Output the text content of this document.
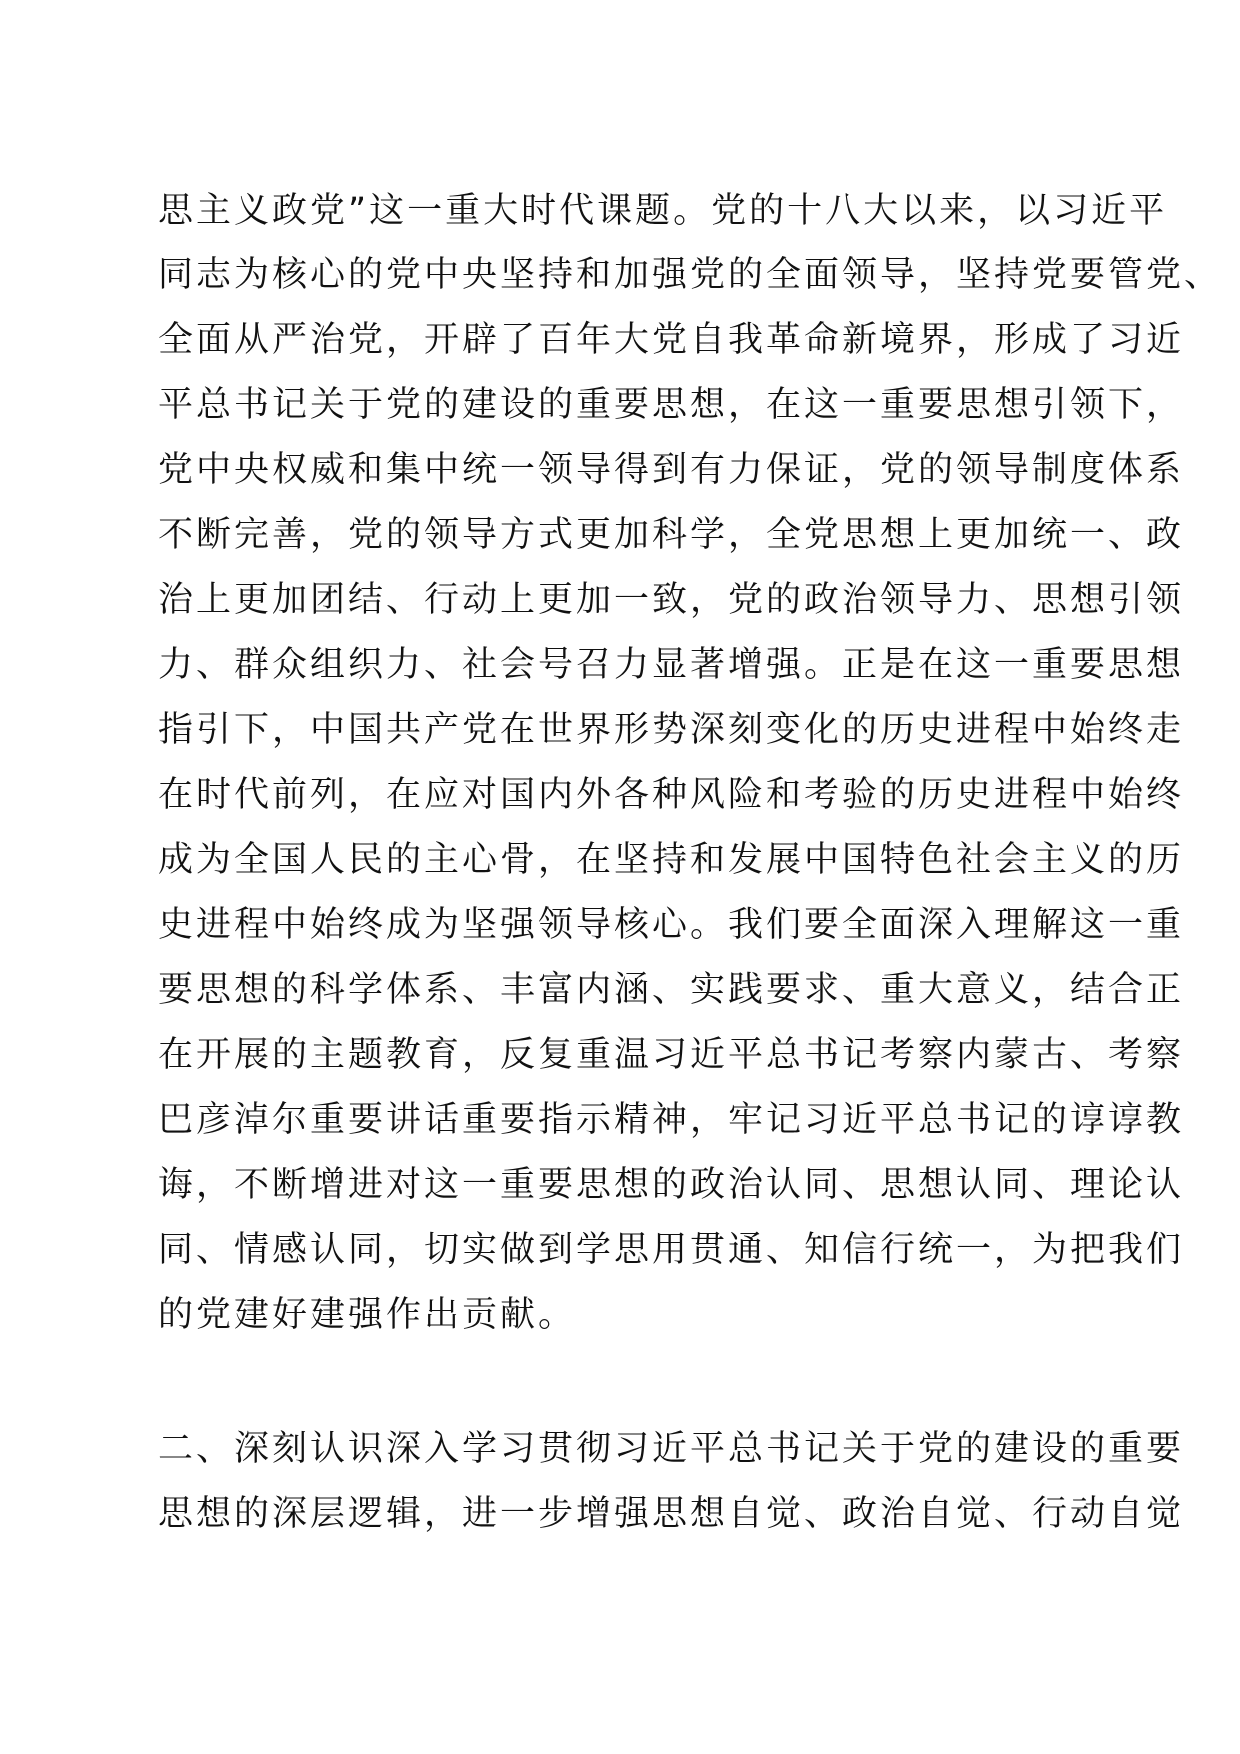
思主义政党”这一重大时代课题。党的十八大以来，以习近平
同志为核心的党中央坚持和加强党的全面领导，坚持党要管党、
全面从严治党，开辟了百年大党自我革命新境界，形成了习近
平总书记关于党的建设的重要思想，在这一重要思想引领下，
党中央权威和集中统一领导得到有力保证，党的领导制度体系
不断完善，党的领导方式更加科学，全党思想上更加统一、政
治上更加团结、行动上更加一致，党的政治领导力、思想引领
力、群众组织力、社会号召力显著增强。正是在这一重要思想
指引下，中国共产党在世界形势深刻变化的历史进程中始终走
在时代前列，在应对国内外各种风险和考验的历史进程中始终
成为全国人民的主心骨，在坚持和发展中国特色社会主义的历
史进程中始终成为坚强领导核心。我们要全面深入理解这一重
要思想的科学体系、丰富内涵、实践要求、重大意义，结合正
在开展的主题教育，反复重温习近平总书记考察内蒙古、考察
巴彦淖尔重要讲话重要指示精神，牢记习近平总书记的谆谆教
诲，不断增进对这一重要思想的政治认同、思想认同、理论认
同、情感认同，切实做到学思用贯通、知信行统一，为把我们
的党建好建强作出贡献。
二、深刻认识深入学习贯彻习近平总书记关于党的建设的重要
思想的深层逻辑，进一步增强思想自觉、政治自觉、行动自觉
